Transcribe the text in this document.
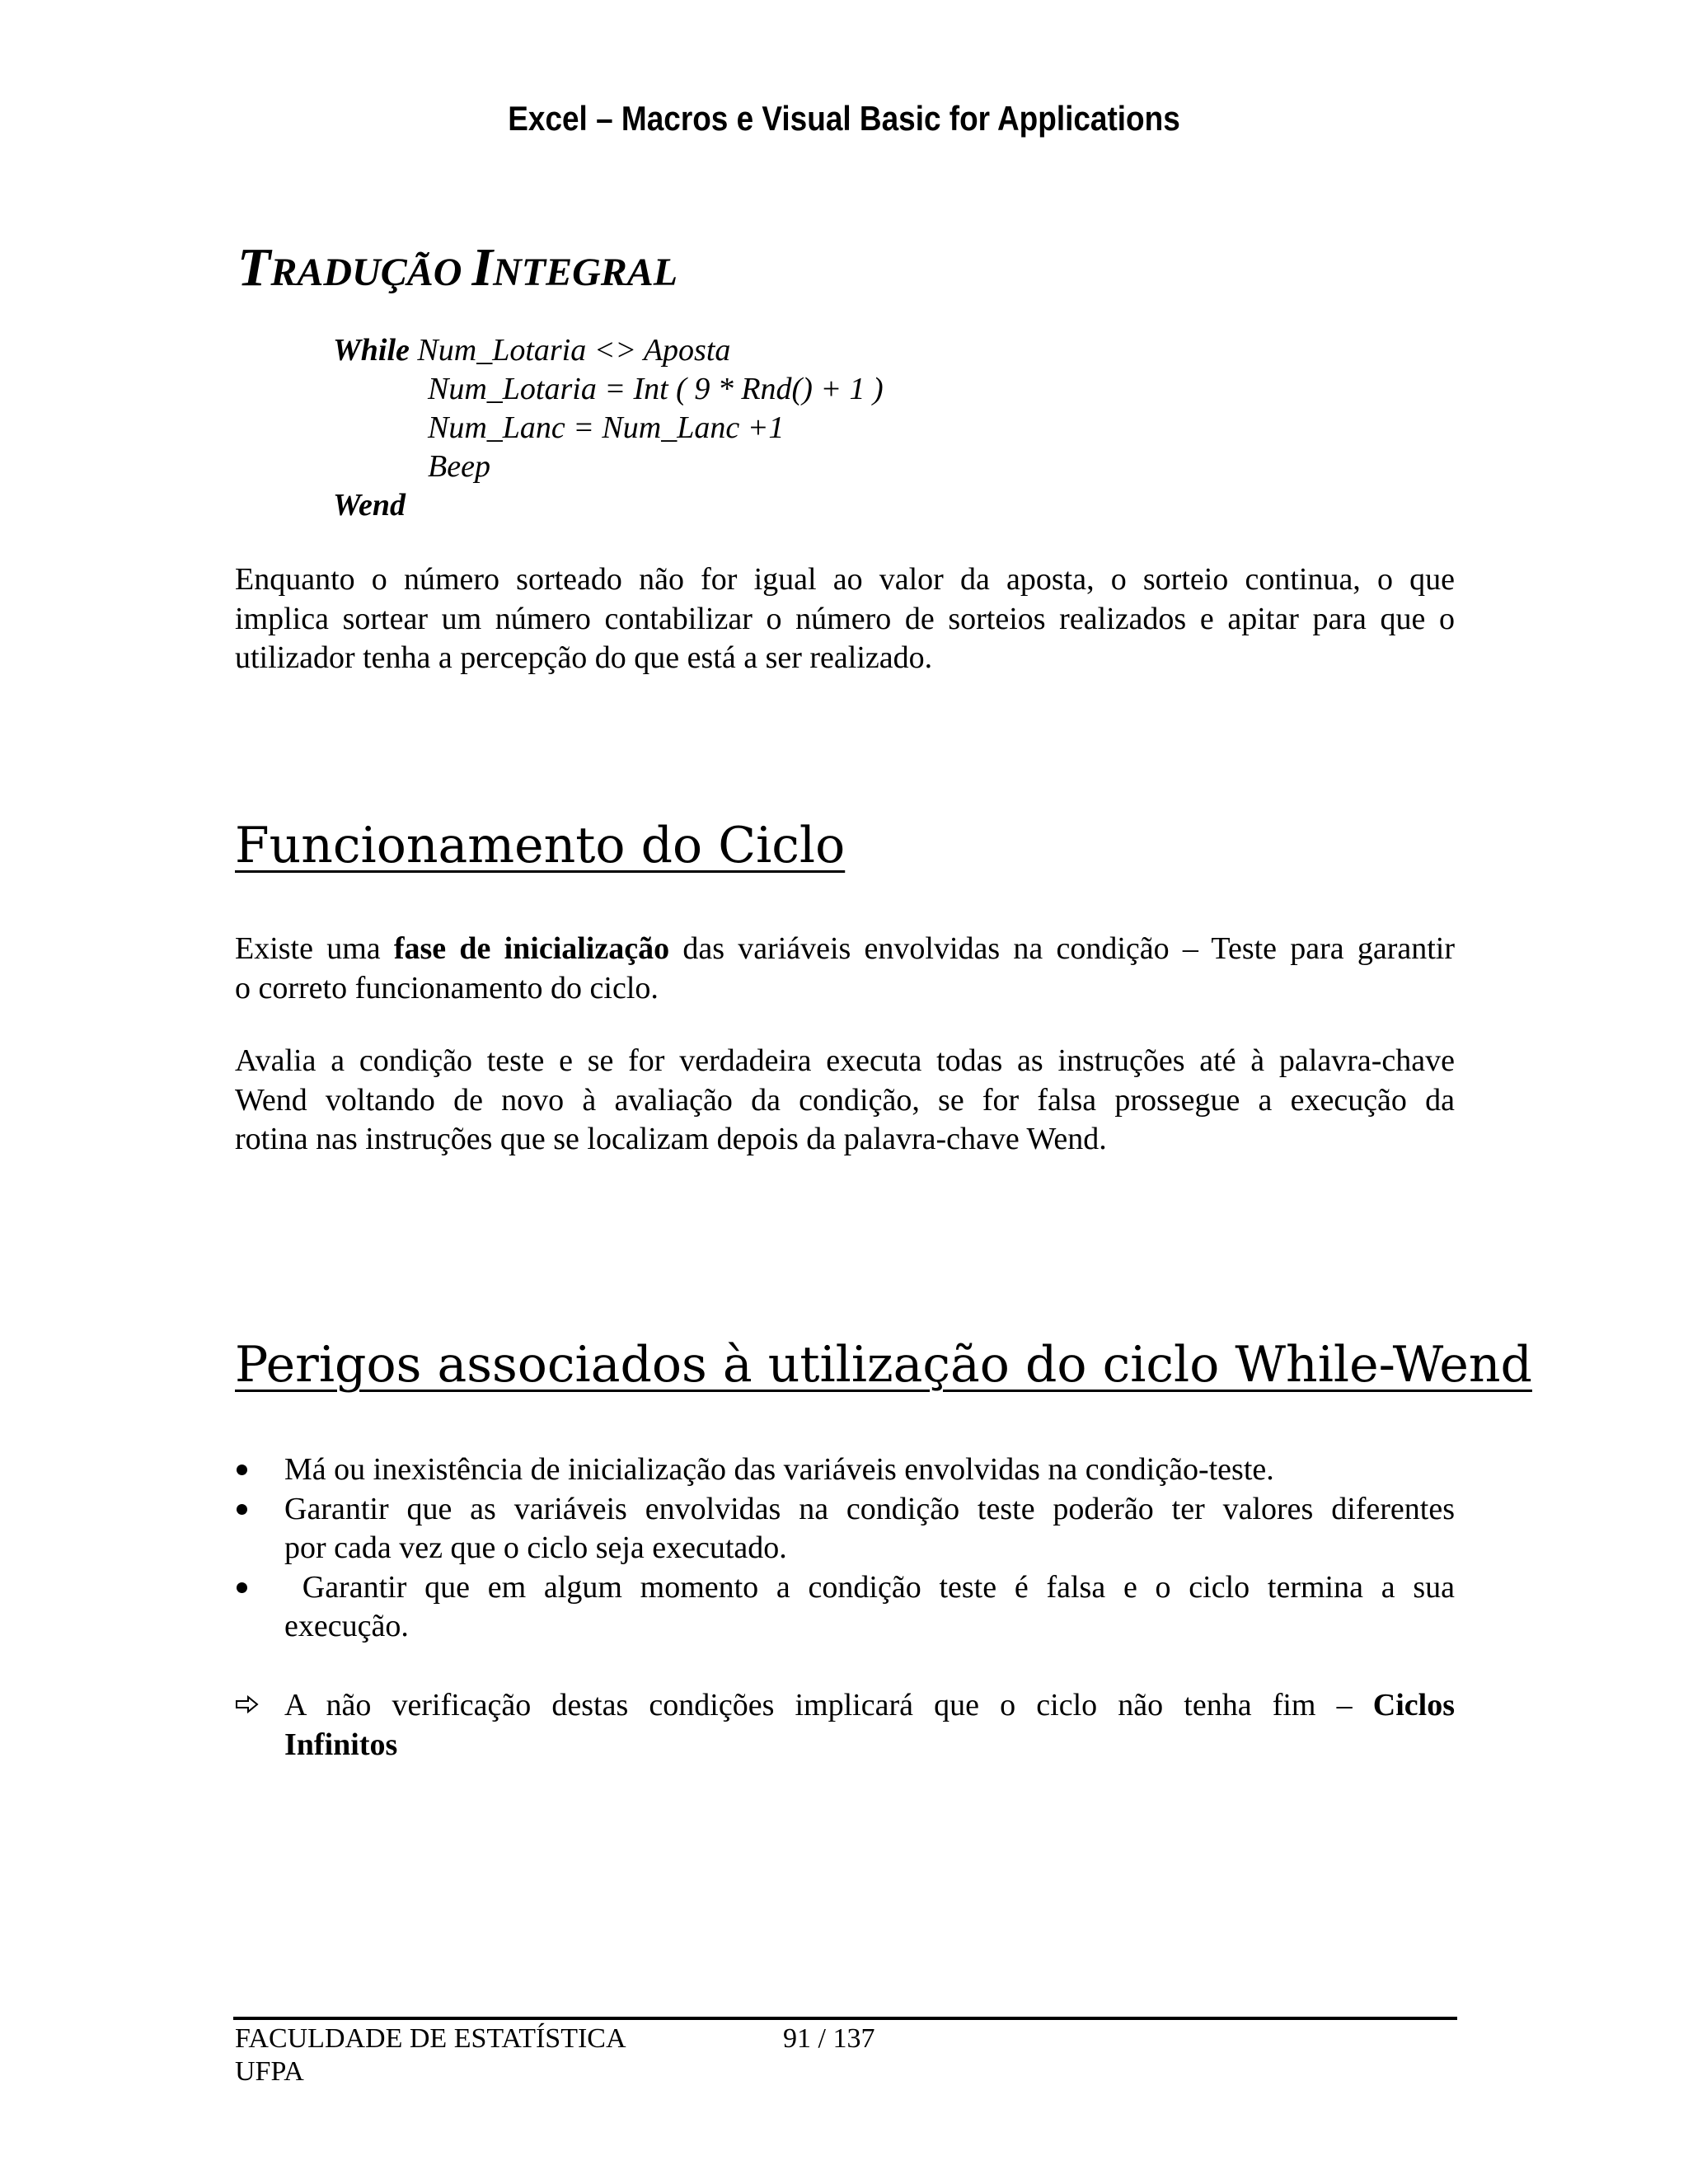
Excel – Macros e Visual Basic for Applications
TRADUÇÃO INTEGRAL
While Num_Lotaria <> Aposta
Num_Lotaria = Int ( 9 * Rnd() + 1 )
Num_Lanc = Num_Lanc +1
Beep
Wend

Enquanto o número sorteado não for igual ao valor da aposta, o sorteio continua, o que
implica sortear um número contabilizar o número de sorteios realizados e apitar para que o
utilizador tenha a percepção do que está a ser realizado.

Funcionamento do Ciclo

Existe uma fase de inicialização das variáveis envolvidas na condição – Teste para garantir
o correto funcionamento do ciclo.

Avalia a condição teste e se for verdadeira executa todas as instruções até à palavra-chave
Wend voltando de novo à avaliação da condição, se for falsa prossegue a execução da
rotina nas instruções que se localizam depois da palavra-chave Wend.

Perigos associados à utilização do ciclo While-Wend
Má ou inexistência de inicialização das variáveis envolvidas na condição-teste.
Garantir que as variáveis envolvidas na condição teste poderão ter valores diferentes
por cada vez que o ciclo seja executado.
Garantir que em algum momento a condição teste é falsa e o ciclo termina a sua
execução.
A não verificação destas condições implicará que o ciclo não tenha fim – Ciclos
Infinitos
FACULDADE DE ESTATÍSTICA
UFPA
91 / 137
